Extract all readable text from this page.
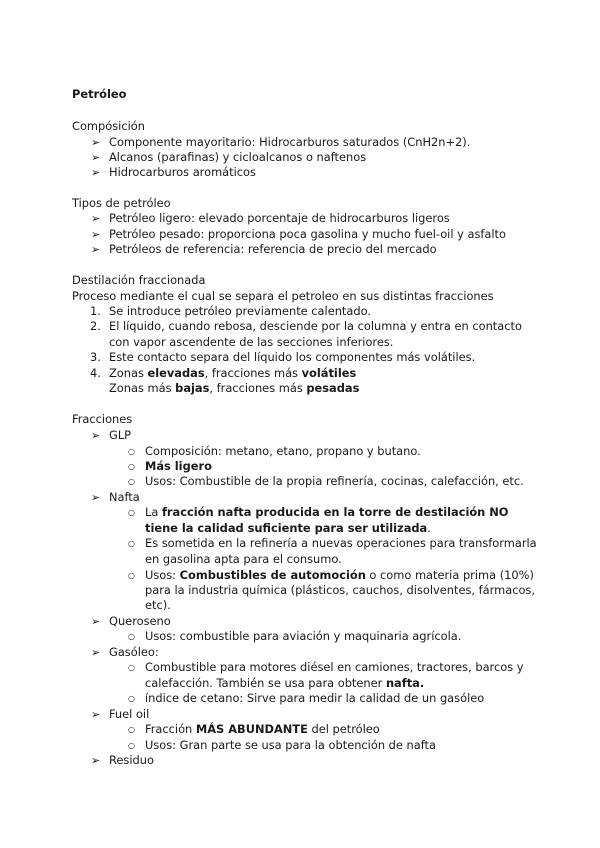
Petróleo
Compósición
➢ Componente mayoritario: Hidrocarburos saturados (CnH2n+2).
➢ Alcanos (parafinas) y cicloalcanos o naftenos
➢ Hidrocarburos aromáticos
Tipos de petróleo
➢ Petróleo ligero: elevado porcentaje de hidrocarburos ligeros
➢ Petróleo pesado: proporciona poca gasolina y mucho fuel-oil y asfalto
➢ Petróleos de referencia: referencia de precio del mercado
Destilación fraccionada
Proceso mediante el cual se separa el petroleo en sus distintas fracciones
1. Se introduce petróleo previamente calentado.
2. El líquido, cuando rebosa, desciende por la columna y entra en contacto
con vapor ascendente de las secciones inferiores.
3. Este contacto separa del líquido los componentes más volátiles.
4. Zonas elevadas, fracciones más volátiles
Zonas más bajas, fracciones más pesadas
Fracciones
➢ GLP
○ Composición: metano, etano, propano y butano.
○ Más ligero
○ Usos: Combustible de la propia refinería, cocinas, calefacción, etc.
➢ Nafta
○ La fracción nafta producida en la torre de destilación NO
tiene la calidad suficiente para ser utilizada.
○ Es sometida en la refinería a nuevas operaciones para transformarla
en gasolina apta para el consumo.
○ Usos: Combustibles de automoción o como materia prima (10%)
para la industria química (plásticos, cauchos, disolventes, fármacos,
etc).
➢ Queroseno
○ Usos: combustible para aviación y maquinaria agrícola.
➢ Gasóleo:
○ Combustible para motores diésel en camiones, tractores, barcos y
calefacción. También se usa para obtener nafta.
○ índice de cetano: Sirve para medir la calidad de un gasóleo
➢ Fuel oil
○ Fracción MÁS ABUNDANTE del petróleo
○ Usos: Gran parte se usa para la obtención de nafta
➢ Residuo
